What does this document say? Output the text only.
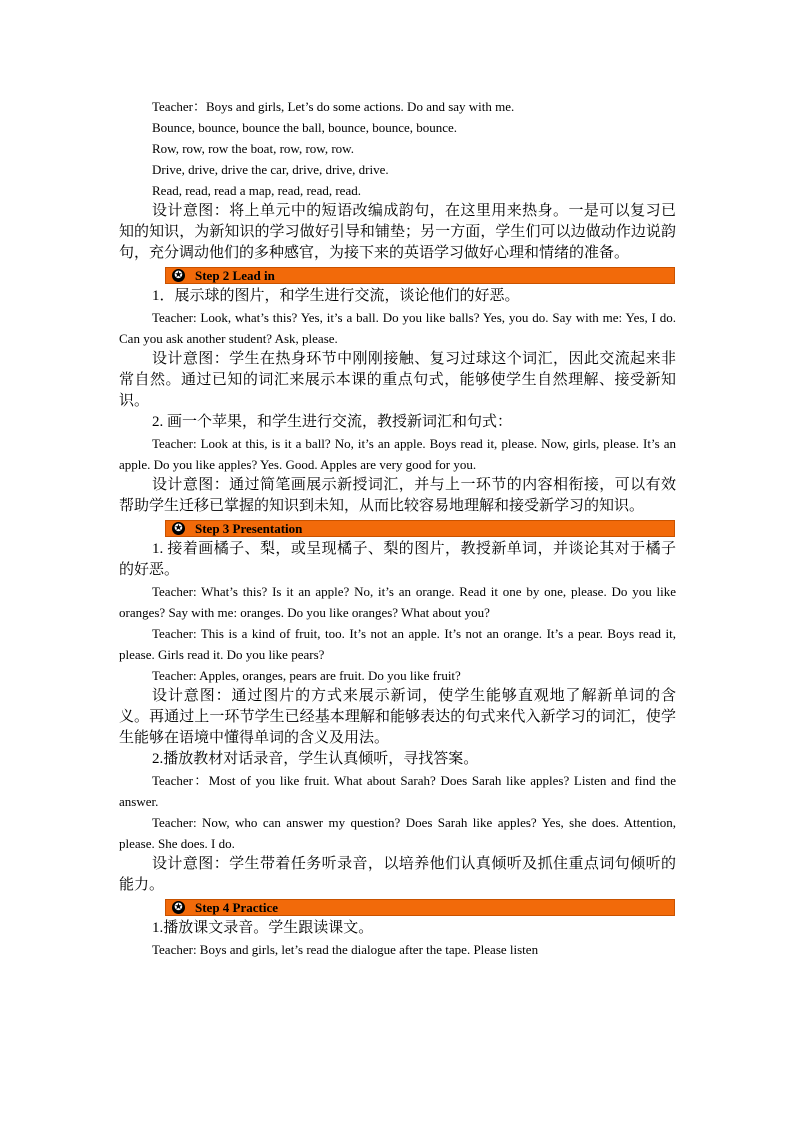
Teacher：Boys and girls, Let’s do some actions. Do and say with me.
Bounce, bounce, bounce the ball, bounce, bounce, bounce.
Row, row, row the boat, row, row, row.
Drive, drive, drive the car, drive, drive, drive.
Read, read, read a map, read, read, read.

设计意图：将上单元中的短语改编成韵句，在这里用来热身。一是可以复习已知的知识，为新知识的学习做好引导和铺垫；另一方面，学生们可以边做动作边说韵句，充分调动他们的多种感官，为接下来的英语学习做好心理和情绪的准备。

✪ Step 2 Lead in

1．展示球的图片，和学生进行交流，谈论他们的好恶。

Teacher: Look, what’s this? Yes, it’s a ball. Do you like balls? Yes, you do. Say with me: Yes, I do. Can you ask another student? Ask, please.

设计意图：学生在热身环节中刚刚接触、复习过球这个词汇，因此交流起来非常自然。通过已知的词汇来展示本课的重点句式，能够使学生自然理解、接受新知识。

2. 画一个苹果，和学生进行交流，教授新词汇和句式：

Teacher: Look at this, is it a ball? No, it’s an apple. Boys read it, please. Now, girls, please. It’s an apple. Do you like apples? Yes. Good. Apples are very good for you.

设计意图：通过简笔画展示新授词汇，并与上一环节的内容相衔接，可以有效帮助学生迁移已掌握的知识到未知，从而比较容易地理解和接受新学习的知识。

✪ Step 3 Presentation

1. 接着画橘子、梨，或呈现橘子、梨的图片，教授新单词，并谈论其对于橘子的好恶。

Teacher: What’s this? Is it an apple? No, it’s an orange. Read it one by one, please. Do you like oranges? Say with me: oranges. Do you like oranges? What about you?

Teacher: This is a kind of fruit, too. It’s not an apple. It’s not an orange. It’s a pear. Boys read it, please. Girls read it. Do you like pears?

Teacher: Apples, oranges, pears are fruit. Do you like fruit?

设计意图：通过图片的方式来展示新词，使学生能够直观地了解新单词的含义。再通过上一环节学生已经基本理解和能够表达的句式来代入新学习的词汇，使学生能够在语境中懂得单词的含义及用法。

2.播放教材对话录音，学生认真倾听，寻找答案。

Teacher：Most of you like fruit. What about Sarah? Does Sarah like apples? Listen and find the answer.

Teacher: Now, who can answer my question? Does Sarah like apples? Yes, she does. Attention, please. She does. I do.

设计意图：学生带着任务听录音，以培养他们认真倾听及抓住重点词句倾听的能力。

✪ Step 4 Practice

1.播放课文录音。学生跟读课文。

Teacher: Boys and girls, let’s read the dialogue after the tape. Please listen
